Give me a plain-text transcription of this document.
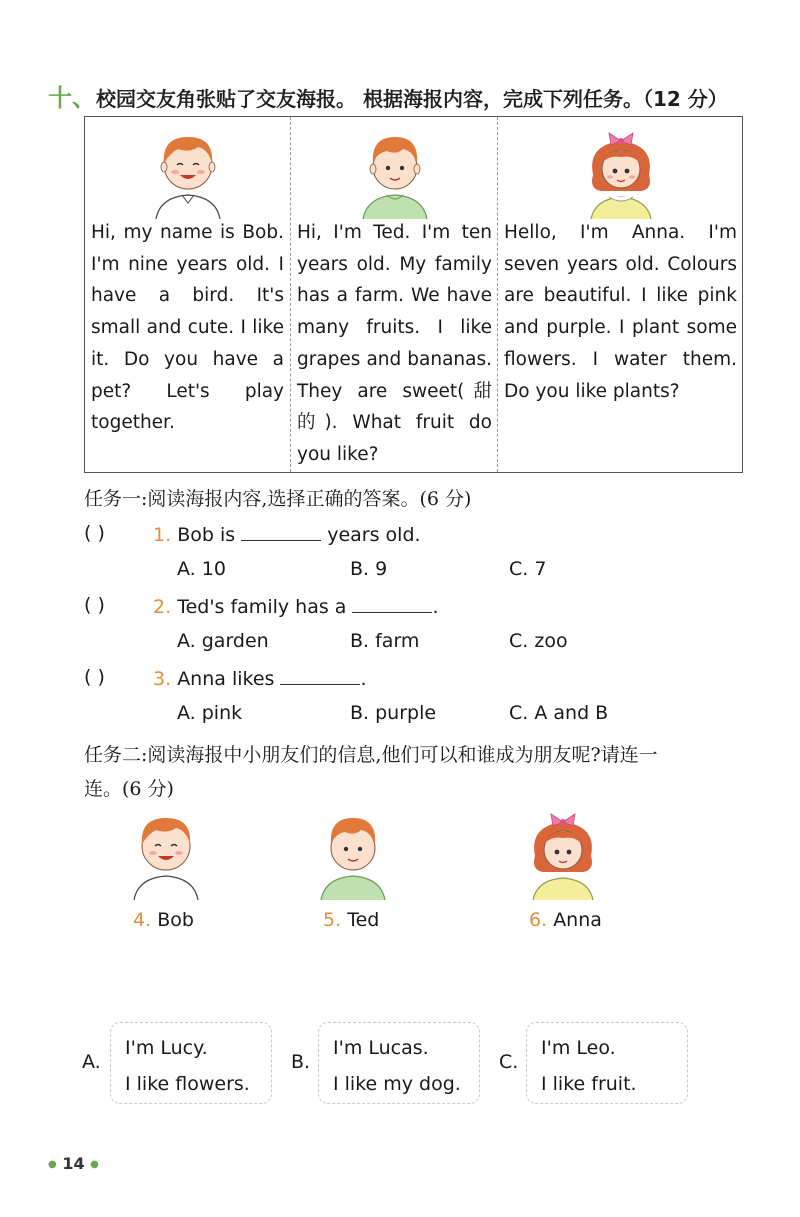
十、校园交友角张贴了交友海报。 根据海报内容，完成下列任务。（12 分）
Hi, my name is Bob. I'm nine years old. I have a bird. It's small and cute. I like it. Do you have a pet? Let's play together.
Hi, I'm Ted. I'm ten years old. My family has a farm. We have many fruits. I like grapes and bananas. They are sweet(甜的). What fruit do you like?
Hello, I'm Anna. I'm seven years old. Colours are beautiful. I like pink and purple. I plant some flowers. I water them. Do you like plants?
任务一:阅读海报内容,选择正确的答案。(6 分)
( )	1. Bob is	years old.
A. 10	B. 9	C. 7
( )	2. Ted's family has a	.
A. garden	B. farm	C. zoo
( )	3. Anna likes	.
A. pink	B. purple	C. A and B
任务二:阅读海报中小朋友们的信息,他们可以和谁成为朋友呢?请连一
连。(6 分)
4. Bob	5. Ted	6. Anna
A.
I'm Lucy.
I like flowers.
B.
I'm Lucas.
I like my dog.
C.
I'm Leo.
I like fruit.
● 14 ●
